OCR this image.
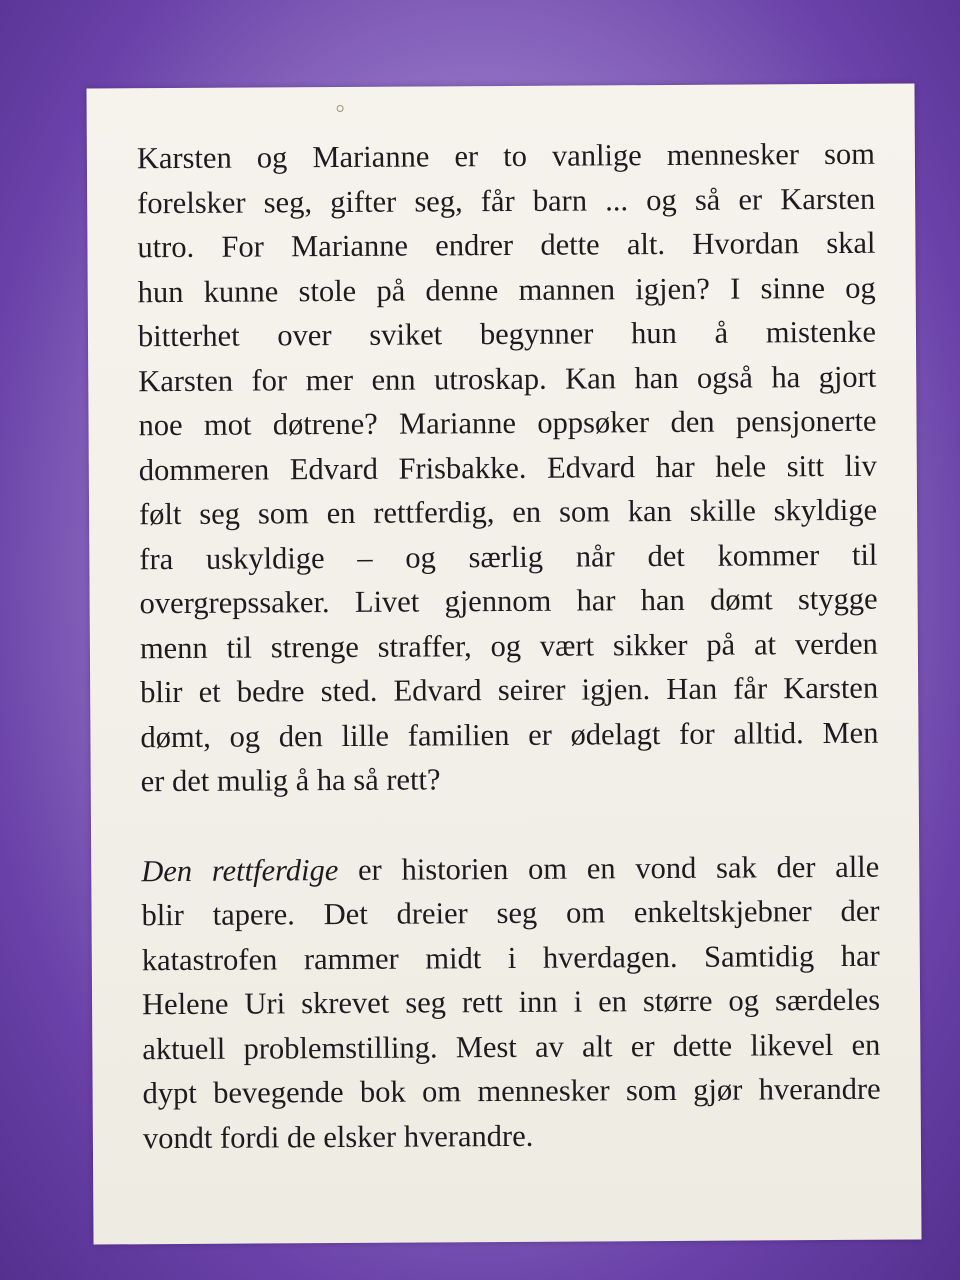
Karsten og Marianne er to vanlige mennesker som
forelsker seg, gifter seg, får barn ... og så er Karsten
utro. For Marianne endrer dette alt. Hvordan skal
hun kunne stole på denne mannen igjen? I sinne og
bitterhet over sviket begynner hun å mistenke
Karsten for mer enn utroskap. Kan han også ha gjort
noe mot døtrene? Marianne oppsøker den pensjonerte
dommeren Edvard Frisbakke. Edvard har hele sitt liv
følt seg som en rettferdig, en som kan skille skyldige
fra uskyldige – og særlig når det kommer til
overgrepssaker. Livet gjennom har han dømt stygge
menn til strenge straffer, og vært sikker på at verden
blir et bedre sted. Edvard seirer igjen. Han får Karsten
dømt, og den lille familien er ødelagt for alltid. Men
er det mulig å ha så rett?

Den rettferdige er historien om en vond sak der alle
blir tapere. Det dreier seg om enkeltskjebner der
katastrofen rammer midt i hverdagen. Samtidig har
Helene Uri skrevet seg rett inn i en større og særdeles
aktuell problemstilling. Mest av alt er dette likevel en
dypt bevegende bok om mennesker som gjør hverandre
vondt fordi de elsker hverandre.
